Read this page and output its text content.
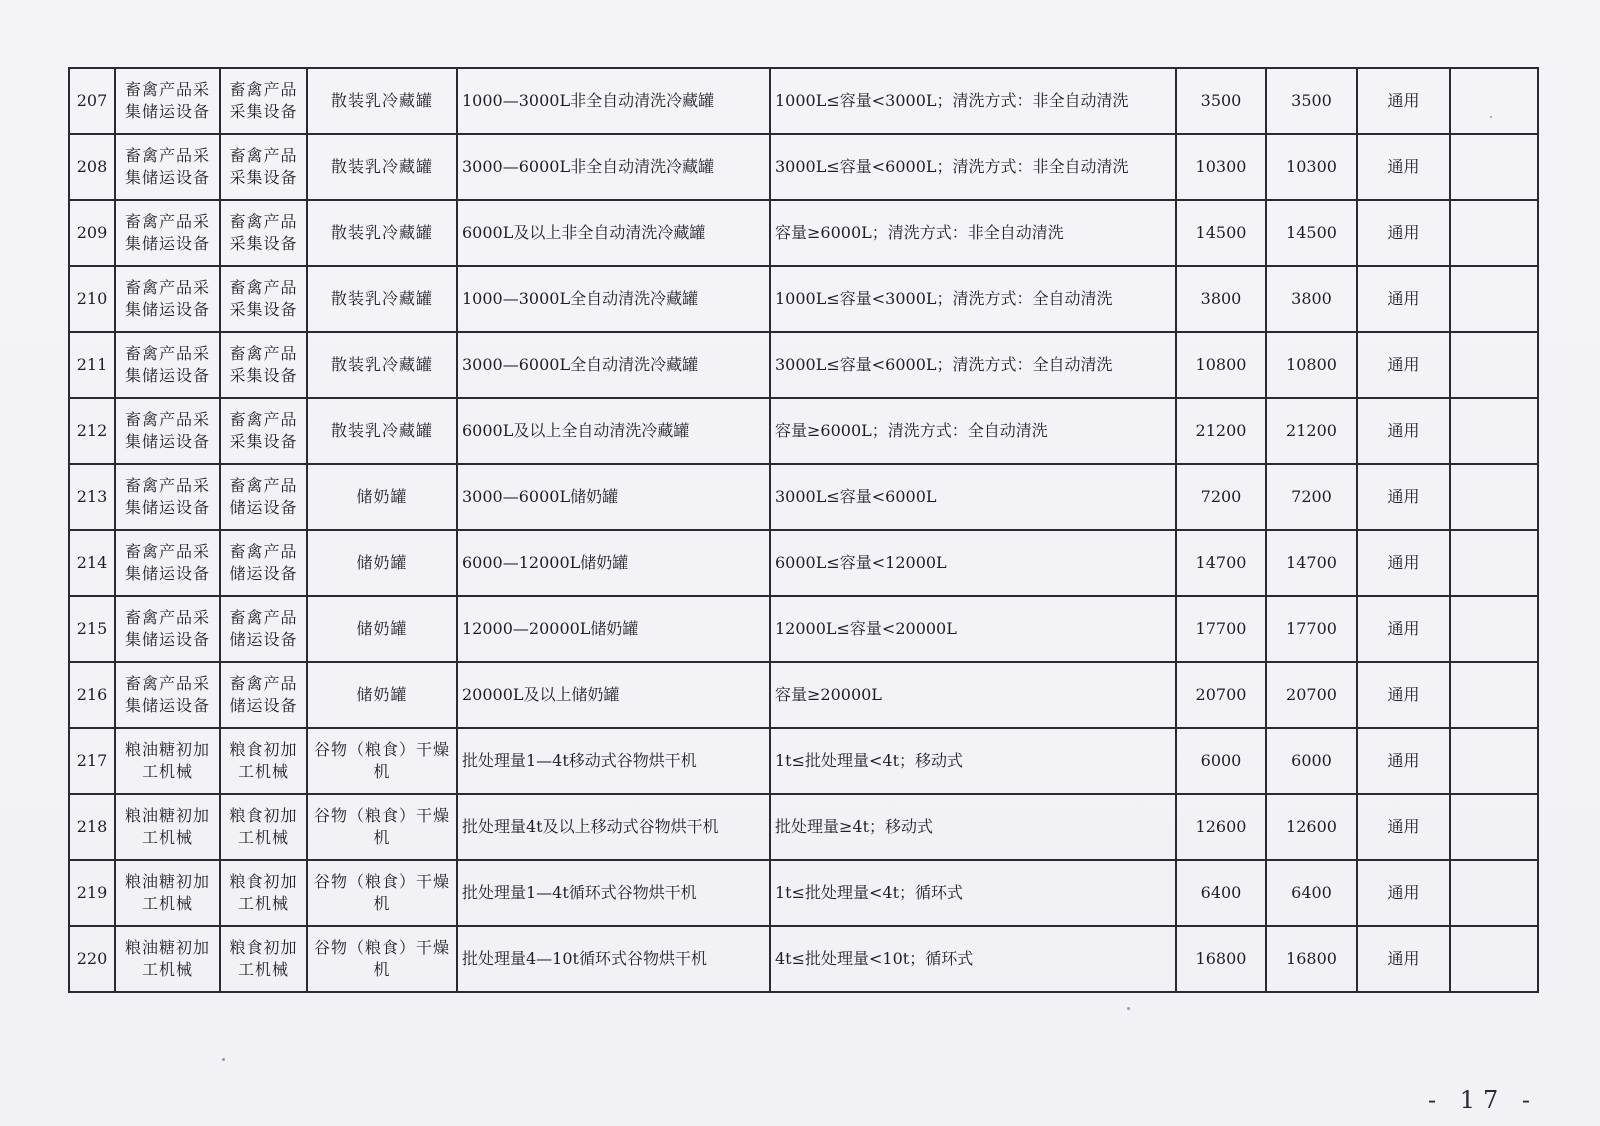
207	畜禽产品采集储运设备	畜禽产品采集设备	散装乳冷藏罐	1000—3000L非全自动清洗冷藏罐	1000L≤容量<3000L；清洗方式：非全自动清洗	3500	3500	通用	
208	畜禽产品采集储运设备	畜禽产品采集设备	散装乳冷藏罐	3000—6000L非全自动清洗冷藏罐	3000L≤容量<6000L；清洗方式：非全自动清洗	10300	10300	通用	
209	畜禽产品采集储运设备	畜禽产品采集设备	散装乳冷藏罐	6000L及以上非全自动清洗冷藏罐	容量≥6000L；清洗方式：非全自动清洗	14500	14500	通用	
210	畜禽产品采集储运设备	畜禽产品采集设备	散装乳冷藏罐	1000—3000L全自动清洗冷藏罐	1000L≤容量<3000L；清洗方式：全自动清洗	3800	3800	通用	
211	畜禽产品采集储运设备	畜禽产品采集设备	散装乳冷藏罐	3000—6000L全自动清洗冷藏罐	3000L≤容量<6000L；清洗方式：全自动清洗	10800	10800	通用	
212	畜禽产品采集储运设备	畜禽产品采集设备	散装乳冷藏罐	6000L及以上全自动清洗冷藏罐	容量≥6000L；清洗方式：全自动清洗	21200	21200	通用	
213	畜禽产品采集储运设备	畜禽产品储运设备	储奶罐	3000—6000L储奶罐	3000L≤容量<6000L	7200	7200	通用	
214	畜禽产品采集储运设备	畜禽产品储运设备	储奶罐	6000—12000L储奶罐	6000L≤容量<12000L	14700	14700	通用	
215	畜禽产品采集储运设备	畜禽产品储运设备	储奶罐	12000—20000L储奶罐	12000L≤容量<20000L	17700	17700	通用	
216	畜禽产品采集储运设备	畜禽产品储运设备	储奶罐	20000L及以上储奶罐	容量≥20000L	20700	20700	通用	
217	粮油糖初加工机械	粮食初加工机械	谷物（粮食）干燥机	批处理量1—4t移动式谷物烘干机	1t≤批处理量<4t；移动式	6000	6000	通用	
218	粮油糖初加工机械	粮食初加工机械	谷物（粮食）干燥机	批处理量4t及以上移动式谷物烘干机	批处理量≥4t；移动式	12600	12600	通用	
219	粮油糖初加工机械	粮食初加工机械	谷物（粮食）干燥机	批处理量1—4t循环式谷物烘干机	1t≤批处理量<4t；循环式	6400	6400	通用	
220	粮油糖初加工机械	粮食初加工机械	谷物（粮食）干燥机	批处理量4—10t循环式谷物烘干机	4t≤批处理量<10t；循环式	16800	16800	通用	
- 17 -
